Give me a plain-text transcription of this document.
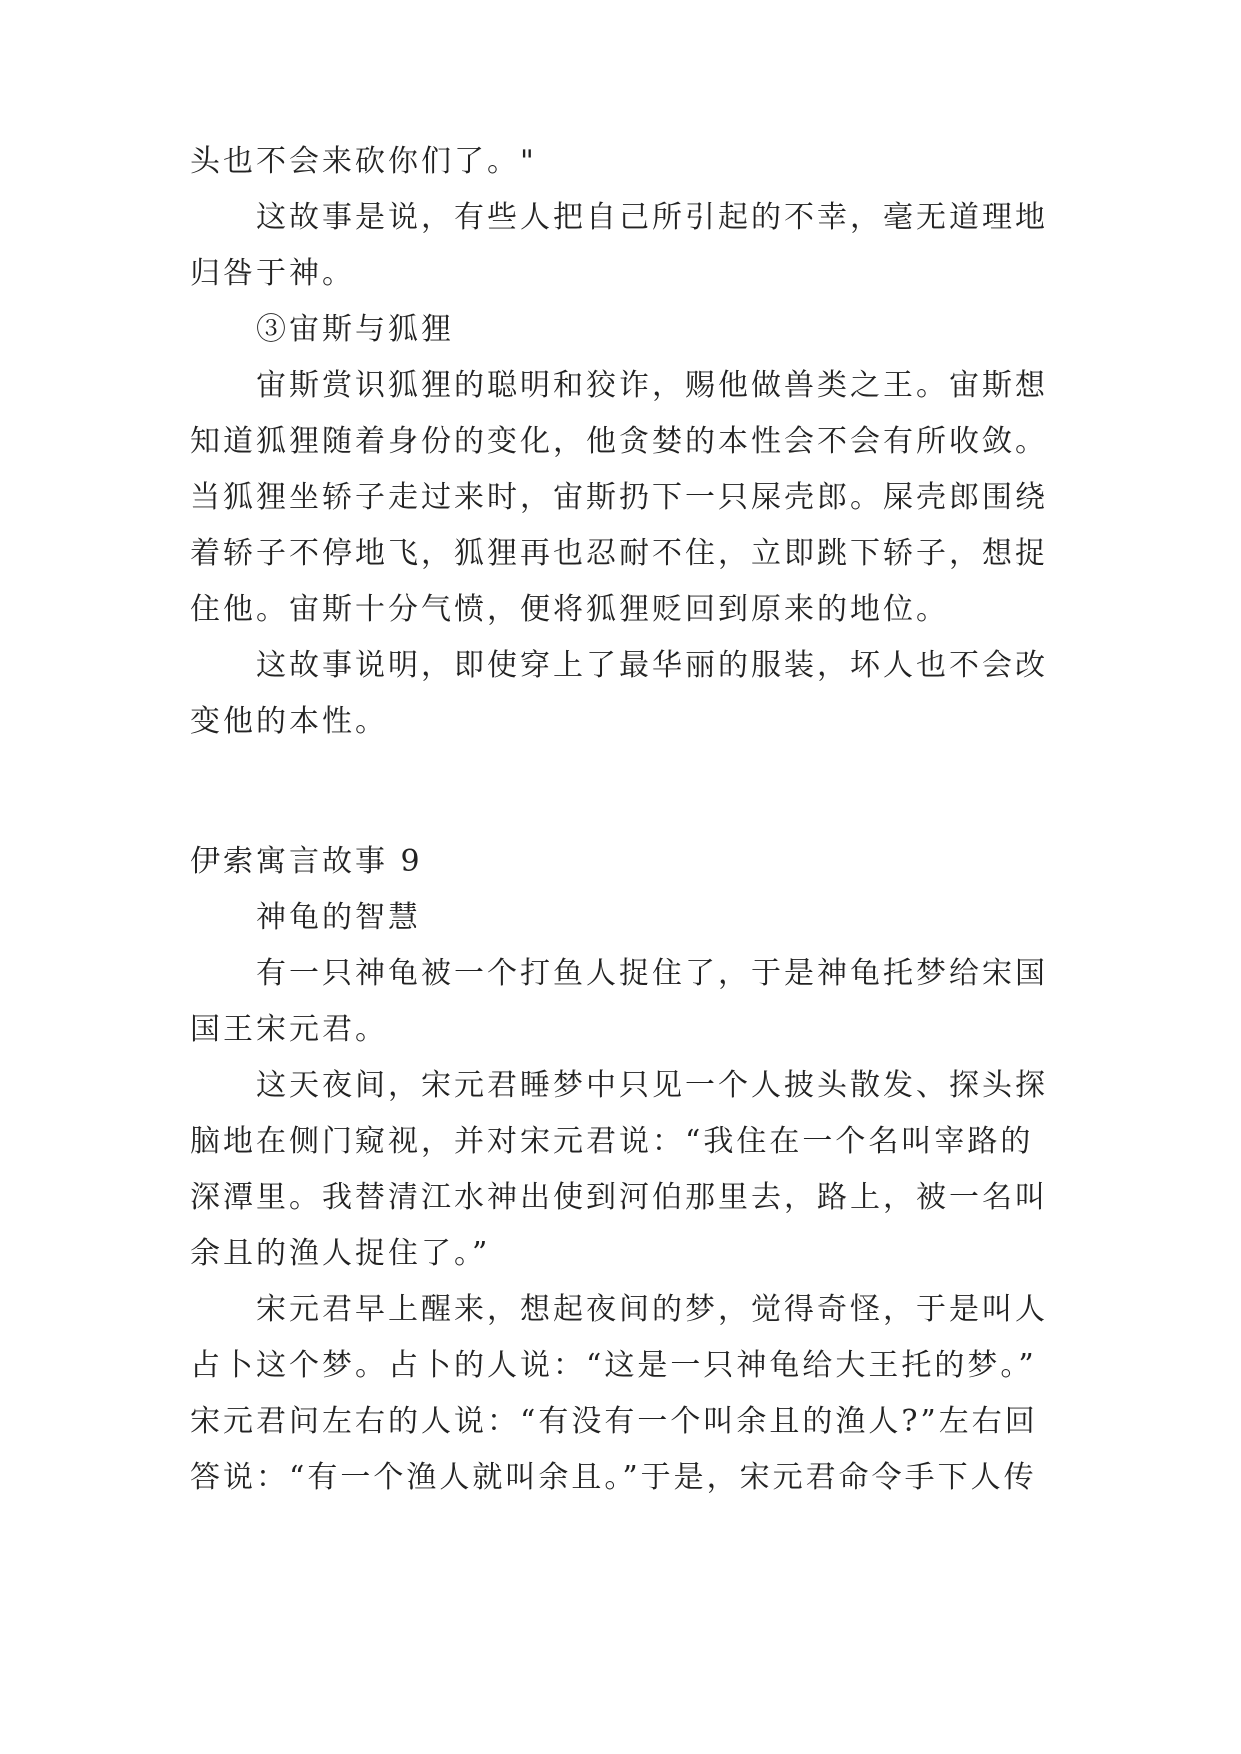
头也不会来砍你们了。"
这故事是说，有些人把自己所引起的不幸，毫无道理地
归咎于神。
③宙斯与狐狸
宙斯赏识狐狸的聪明和狡诈，赐他做兽类之王。宙斯想
知道狐狸随着身份的变化，他贪婪的本性会不会有所收敛。
当狐狸坐轿子走过来时，宙斯扔下一只屎壳郎。屎壳郎围绕
着轿子不停地飞，狐狸再也忍耐不住，立即跳下轿子，想捉
住他。宙斯十分气愤，便将狐狸贬回到原来的地位。
这故事说明，即使穿上了最华丽的服装，坏人也不会改
变他的本性。
伊索寓言故事 9
神龟的智慧
有一只神龟被一个打鱼人捉住了，于是神龟托梦给宋国
国王宋元君。
这天夜间，宋元君睡梦中只见一个人披头散发、探头探
脑地在侧门窥视，并对宋元君说：“我住在一个名叫宰路的
深潭里。我替清江水神出使到河伯那里去，路上，被一名叫
余且的渔人捉住了。”
宋元君早上醒来，想起夜间的梦，觉得奇怪，于是叫人
占卜这个梦。占卜的人说：“这是一只神龟给大王托的梦。”
宋元君问左右的人说：“有没有一个叫余且的渔人?”左右回
答说：“有一个渔人就叫余且。”于是，宋元君命令手下人传
